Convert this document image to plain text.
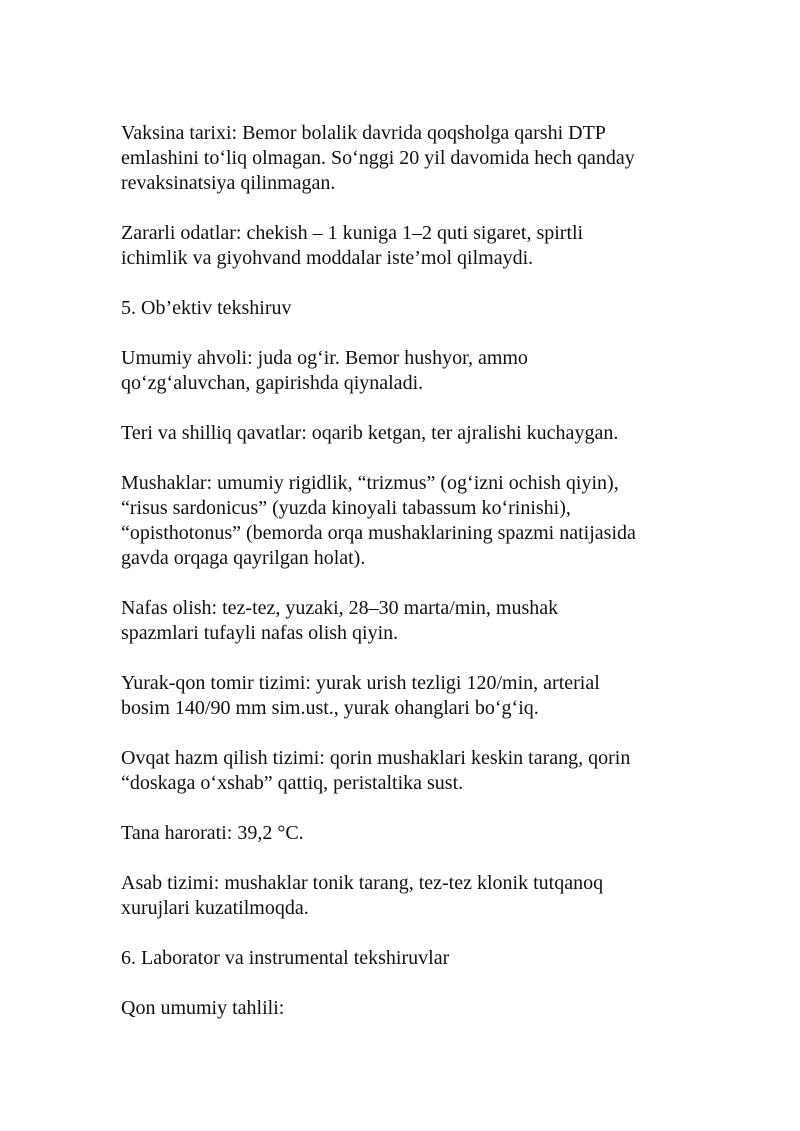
Vaksina tarixi: Bemor bolalik davrida qoqsholga qarshi DTP
emlashini to‘liq olmagan. So‘nggi 20 yil davomida hech qanday
revaksinatsiya qilinmagan.

Zararli odatlar: chekish – 1 kuniga 1–2 quti sigaret, spirtli
ichimlik va giyohvand moddalar iste’mol qilmaydi.

5. Ob’ektiv tekshiruv

Umumiy ahvoli: juda og‘ir. Bemor hushyor, ammo
qo‘zg‘aluvchan, gapirishda qiynaladi.

Teri va shilliq qavatlar: oqarib ketgan, ter ajralishi kuchaygan.

Mushaklar: umumiy rigidlik, “trizmus” (og‘izni ochish qiyin),
“risus sardonicus” (yuzda kinoyali tabassum ko‘rinishi),
“opisthotonus” (bemorda orqa mushaklarining spazmi natijasida
gavda orqaga qayrilgan holat).

Nafas olish: tez-tez, yuzaki, 28–30 marta/min, mushak
spazmlari tufayli nafas olish qiyin.

Yurak-qon tomir tizimi: yurak urish tezligi 120/min, arterial
bosim 140/90 mm sim.ust., yurak ohanglari bo‘g‘iq.

Ovqat hazm qilish tizimi: qorin mushaklari keskin tarang, qorin
“doskaga o‘xshab” qattiq, peristaltika sust.

Tana harorati: 39,2 °C.

Asab tizimi: mushaklar tonik tarang, tez-tez klonik tutqanoq
xurujlari kuzatilmoqda.

6. Laborator va instrumental tekshiruvlar

Qon umumiy tahlili:
